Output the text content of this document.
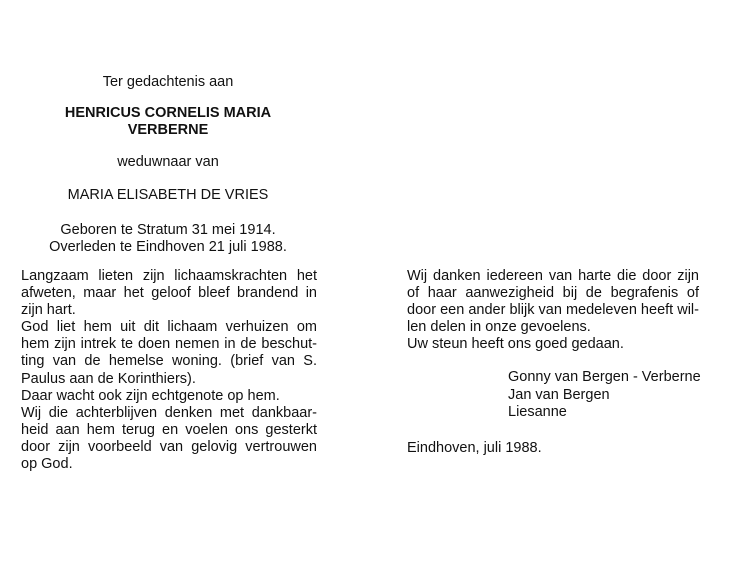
Ter gedachtenis aan
HENRICUS CORNELIS MARIA
VERBERNE
weduwnaar van
MARIA ELISABETH DE VRIES
Geboren te Stratum 31 mei 1914.
Overleden te Eindhoven 21 juli 1988.
Langzaam lieten zijn lichaamskrachten het
afweten, maar het geloof bleef brandend in
zijn hart.
God liet hem uit dit lichaam verhuizen om
hem zijn intrek te doen nemen in de beschut-
ting van de hemelse woning. (brief van S.
Paulus aan de Korinthiers).
Daar wacht ook zijn echtgenote op hem.
Wij die achterblijven denken met dankbaar-
heid aan hem terug en voelen ons gesterkt
door zijn voorbeeld van gelovig vertrouwen
op God.
Wij danken iedereen van harte die door zijn
of haar aanwezigheid bij de begrafenis of
door een ander blijk van medeleven heeft wil-
len delen in onze gevoelens.
Uw steun heeft ons goed gedaan.
Gonny van Bergen - Verberne
Jan van Bergen
Liesanne
Eindhoven, juli 1988.
